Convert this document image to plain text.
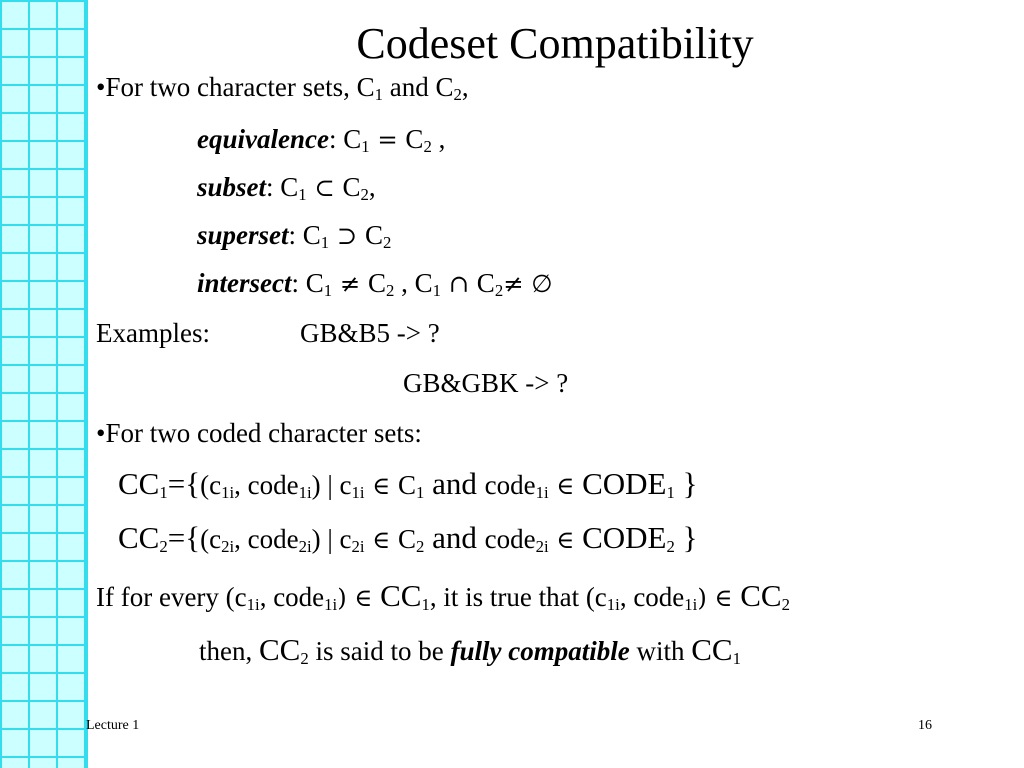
Codeset Compatibility
•For two character sets, $C_1$ and $C_2$,
equivalence: $C_1 = C_2$ ,
subset: $C_1$ ⊂ $C_2$,
superset: $C_1$ ⊃ $C_2$
intersect: $C_1 \ne C_2$ , $C_1$ ∩ $C_2\ne$ ∅
Examples:	GB&B5 -> ?
GB&GBK -> ?
•For two coded character sets:
$CC_1=\{(c_{1i}$, code$_{1i}$) | $c_{1i}$ ∈ $C_1$ and code$_{1i}$ ∈ $CODE_1$ }
$CC_2=\{(c_{2i}$, code$_{2i}$) | $c_{2i}$ ∈ $C_2$ and code$_{2i}$ ∈ $CODE_2$ }
If for every ($c_{1i}$, code$_{1i}$) ∈ $CC_1$, it is true that ($c_{1i}$, code$_{1i}$) ∈ $CC_2$
then, $CC_2$ is said to be fully compatible with $CC_1$
Lecture 1	16
